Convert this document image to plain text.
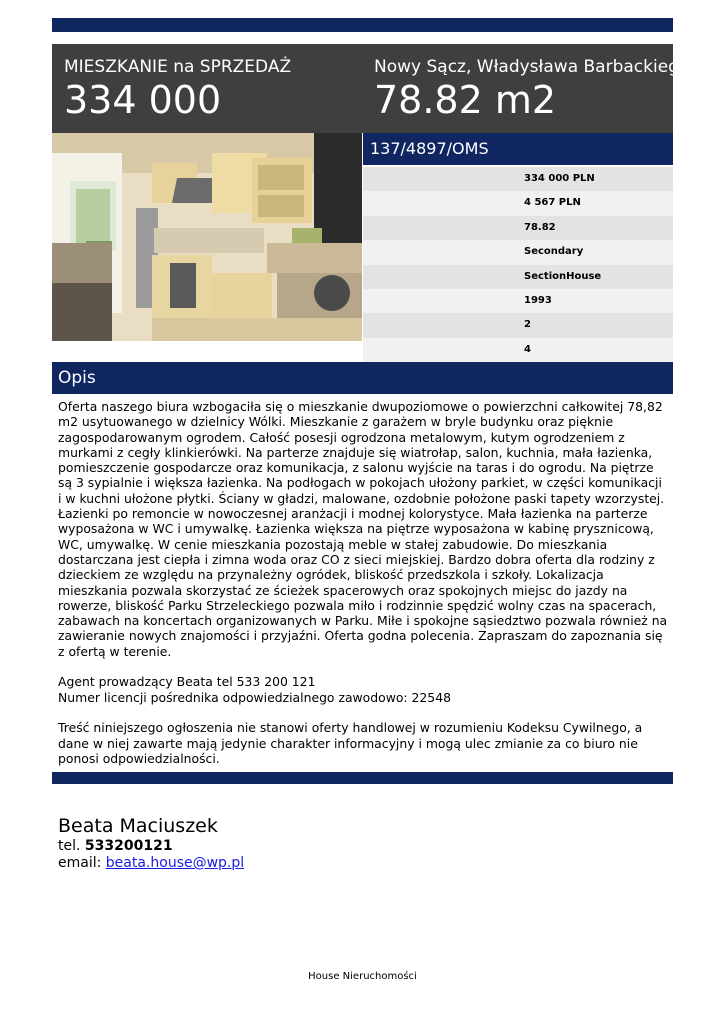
MIESZKANIE na SPRZEDAŻ
334 000
Nowy Sącz, Władysława Barbackiego
78.82 m2
137/4897/OMS
334 000 PLN
4 567 PLN
78.82
Secondary
SectionHouse
1993
2
4
Opis

Oferta naszego biura wzbogaciła się o mieszkanie dwupoziomowe o powierzchni całkowitej 78,82 m2 usytuowanego w dzielnicy Wólki. Mieszkanie z garażem w bryle budynku oraz pięknie zagospodarowanym ogrodem. Całość posesji ogrodzona metalowym, kutym ogrodzeniem z murkami z cegły klinkierówki. Na parterze znajduje się wiatrołap, salon, kuchnia, mała łazienka, pomieszczenie gospodarcze oraz komunikacja, z salonu wyjście na taras i do ogrodu. Na piętrze są 3 sypialnie i większa łazienka. Na podłogach w pokojach ułożony parkiet, w części komunikacji i w kuchni ułożone płytki. Ściany w gładzi, malowane, ozdobnie położone paski tapety wzorzystej. Łazienki po remoncie w nowoczesnej aranżacji i modnej kolorystyce. Mała łazienka na parterze wyposażona w WC i umywalkę. Łazienka większa na piętrze wyposażona w kabinę prysznicową, WC, umywalkę. W cenie mieszkania pozostają meble w stałej zabudowie. Do mieszkania dostarczana jest ciepła i zimna woda oraz CO z sieci miejskiej. Bardzo dobra oferta dla rodziny z dzieckiem ze względu na przynależny ogródek, bliskość przedszkola i szkoły. Lokalizacja mieszkania pozwala skorzystać ze ścieżek spacerowych oraz spokojnych miejsc do jazdy na rowerze, bliskość Parku Strzeleckiego pozwala miło i rodzinnie spędzić wolny czas na spacerach, zabawach na koncertach organizowanych w Parku. Miłe i spokojne sąsiedztwo pozwala również na zawieranie nowych znajomości i przyjaźni. Oferta godna polecenia. Zapraszam do zapoznania się z ofertą w terenie.

Agent prowadzący Beata tel 533 200 121
Numer licencji pośrednika odpowiedzialnego zawodowo: 22548

Treść niniejszego ogłoszenia nie stanowi oferty handlowej w rozumieniu Kodeksu Cywilnego, a dane w niej zawarte mają jedynie charakter informacyjny i mogą ulec zmianie za co biuro nie ponosi odpowiedzialności.

Beata Maciuszek
tel. 533200121
email: beata.house@wp.pl
House Nieruchomości
